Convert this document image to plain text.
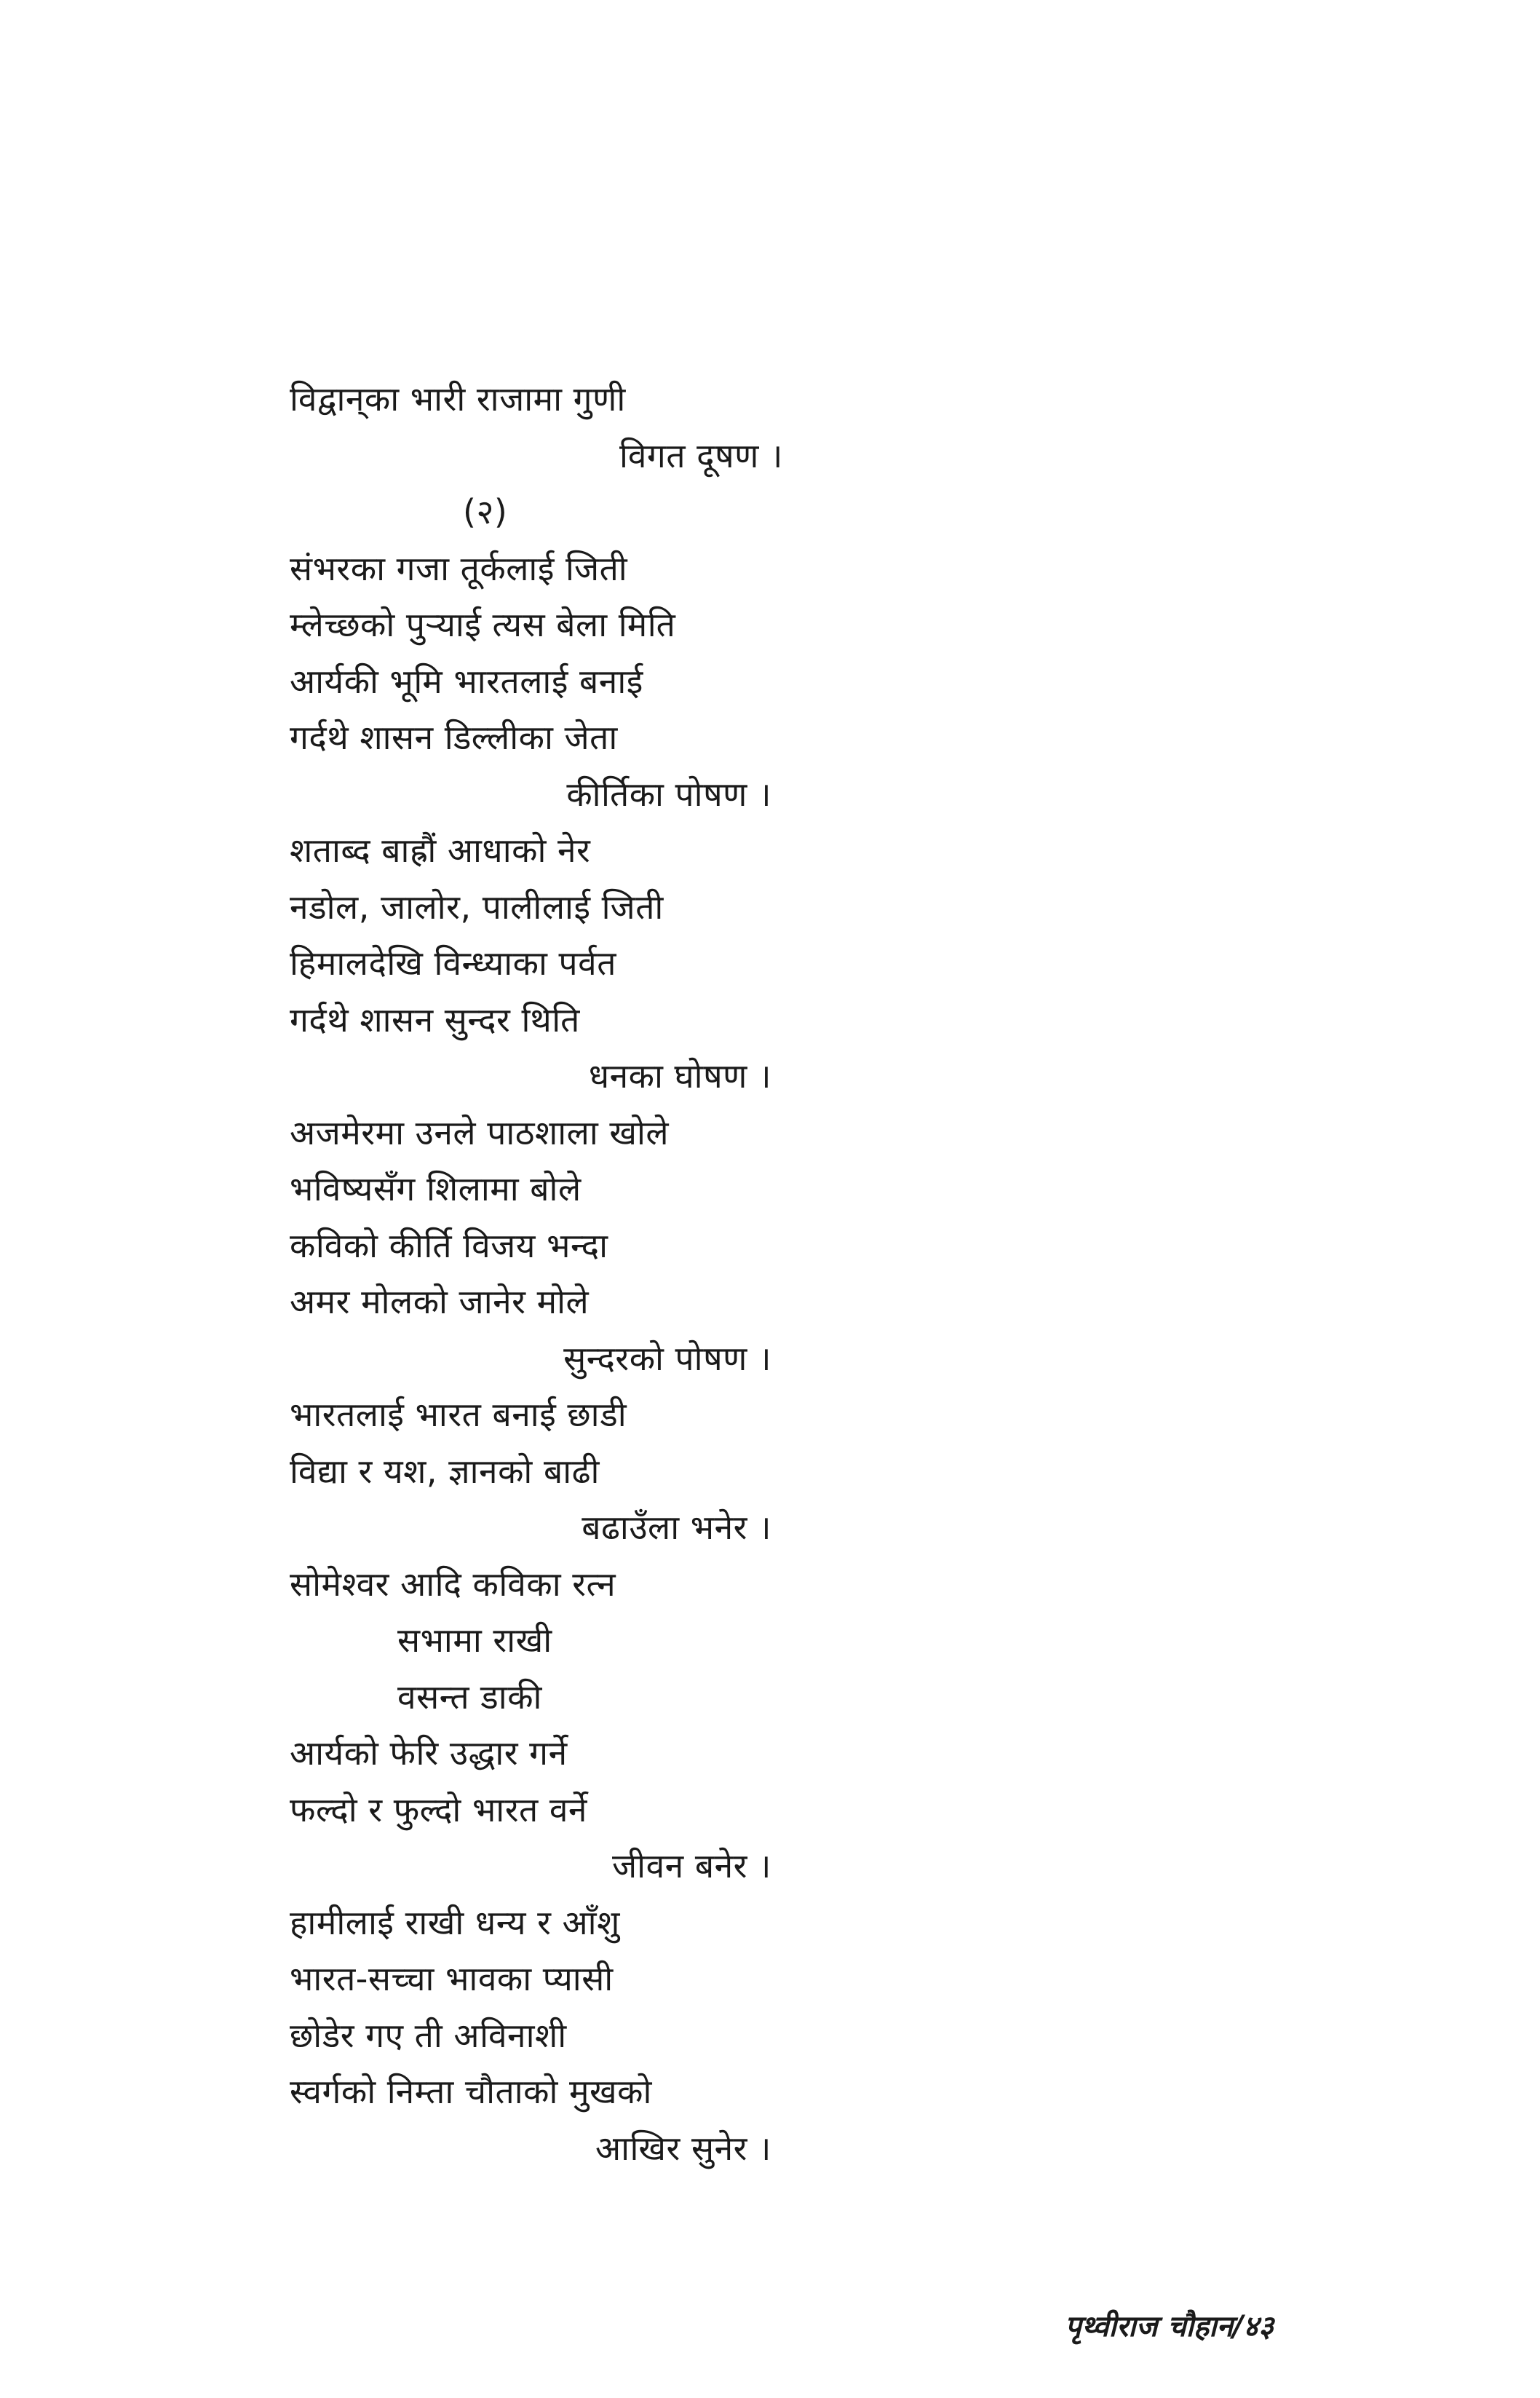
विद्वान्‌का भारी राजामा गुणी
विगत दूषण ।
(२)
संभरका गजा तूर्कलाई जिती
म्लेच्छको पुर्‍याई त्यस बेला मिति
आर्यकी भूमि भारतलाई बनाई
गर्दथे शासन डिल्लीका जेता
कीर्तिका पोषण ।
शताब्द बाह्रौं आधाको नेर
नडोल, जालोर, पालीलाई जिती
हिमालदेखि विन्ध्याका पर्वत
गर्दथे शासन सुन्दर थिति
धनका घोषण ।
अजमेरमा उनले पाठशाला खोले
भविष्यसँग शिलामा बोले
कविको कीर्ति विजय भन्दा
अमर मोलको जानेर मोले
सुन्दरको पोषण ।
भारतलाई भारत बनाई छाडी
विद्या र यश, ज्ञानको बाढी
बढाउँला भनेर ।
सोमेश्वर आदि कविका रत्न
सभामा राखी
वसन्त डाकी
आर्यको फेरि उद्धार गर्ने
फल्दो र फुल्दो भारत वर्ने
जीवन बनेर ।
हामीलाई राखी धन्य र आँशु
भारत-सच्चा भावका प्यासी
छोडेर गए ती अविनाशी
स्वर्गको निम्ता चौताको मुखको
आखिर सुनेर ।
पृथ्वीराज चौहान/४३
